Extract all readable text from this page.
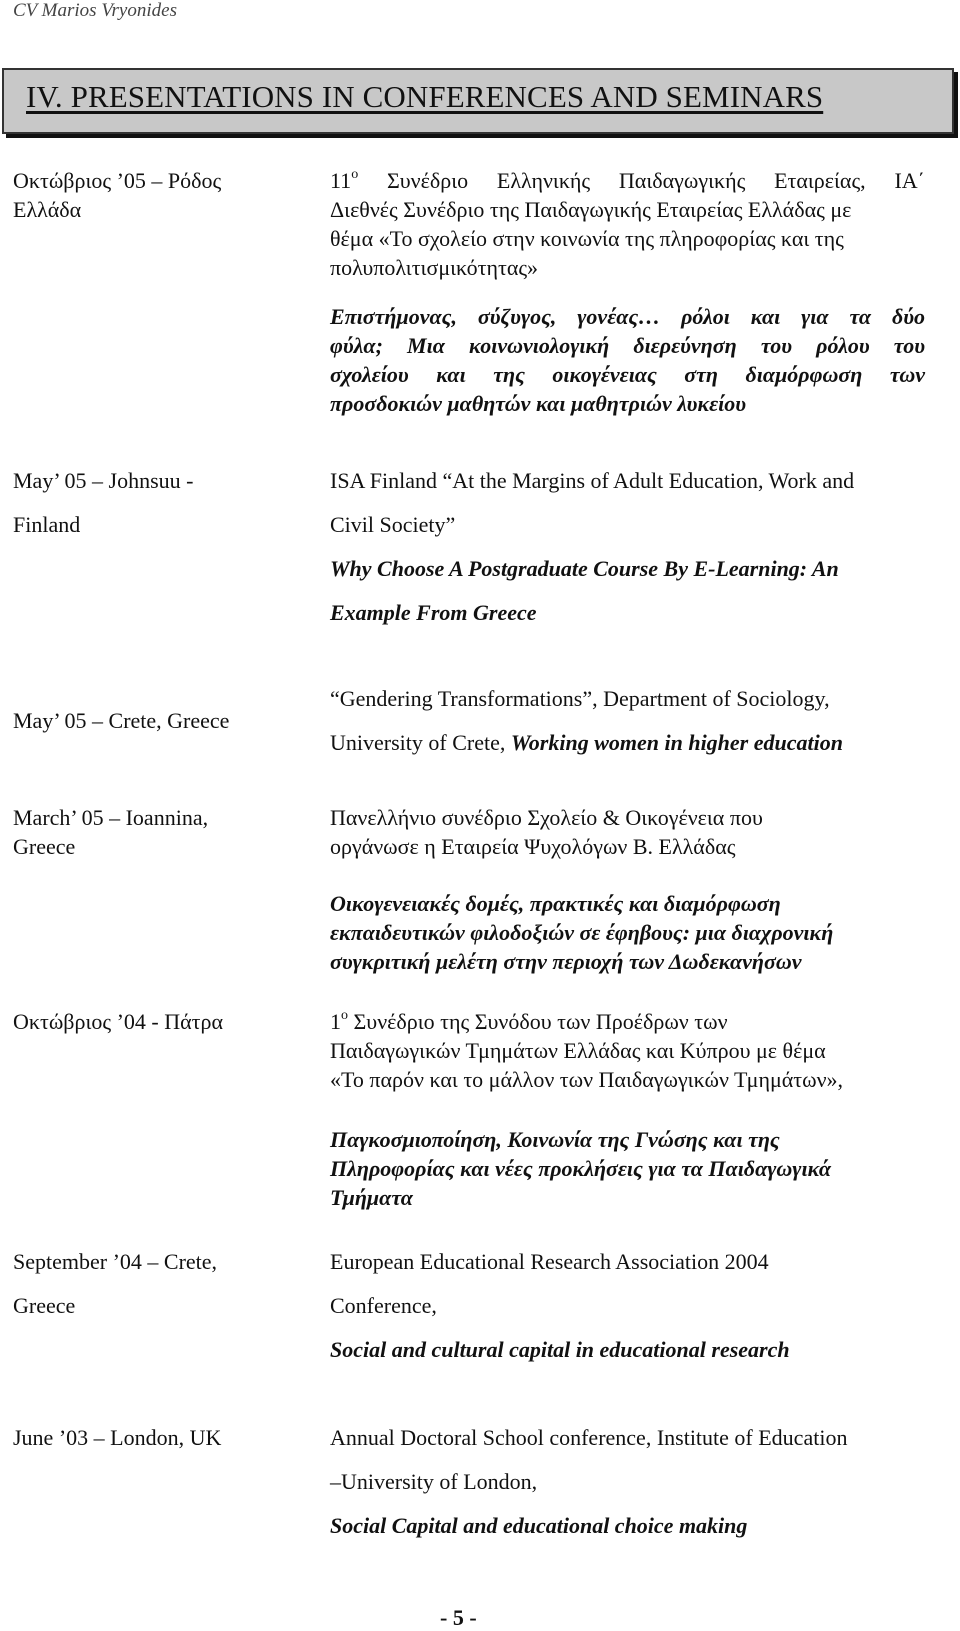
CV Marios Vryonides
IV. PRESENTATIONS IN CONFERENCES AND SEMINARS
Οκτώβριος ’05 – Ρόδος
Ελλάδα
$11^o$ Συνέδριο Ελληνικής Παιδαγωγικής Εταιρείας, ΙΑ΄
Διεθνές Συνέδριο της Παιδαγωγικής Εταιρείας Ελλάδας με
θέμα «Το σχολείο στην κοινωνία της πληροφορίας και της
πολυπολιτισμικότητας»
Επιστήμονας, σύζυγος, γονέας… ρόλοι και για τα δύο
φύλα; Μια κοινωνιολογική διερεύνηση του ρόλου του
σχολείου και της οικογένειας στη διαμόρφωση των
προσδοκιών μαθητών και μαθητριών λυκείου
May’ 05 – Johnsuu -
Finland
ISA Finland “At the Margins of Adult Education, Work and
Civil Society”
Why Choose A Postgraduate Course By E-Learning: An
Example From Greece
May’ 05 – Crete, Greece
“Gendering Transformations”, Department of Sociology,
University of Crete, Working women in higher education
March’ 05 – Ioannina,
Greece
Πανελλήνιο συνέδριο Σχολείο & Οικογένεια που
οργάνωσε η Εταιρεία Ψυχολόγων Β. Ελλάδας
Οικογενειακές δομές, πρακτικές και διαμόρφωση
εκπαιδευτικών φιλοδοξιών σε έφηβους: μια διαχρονική
συγκριτική μελέτη στην περιοχή των Δωδεκανήσων
Οκτώβριος ’04 - Πάτρα	$1^o$ Συνέδριο της Συνόδου των Προέδρων των
Παιδαγωγικών Τμημάτων Ελλάδας και Κύπρου με θέμα
«Το παρόν και το μάλλον των Παιδαγωγικών Τμημάτων»,
Παγκοσμιοποίηση, Κοινωνία της Γνώσης και της
Πληροφορίας και νέες προκλήσεις για τα Παιδαγωγικά
Τμήματα
September ’04 – Crete,
Greece
European Educational Research Association 2004
Conference,
Social and cultural capital in educational research
June ’03 – London, UK	Annual Doctoral School conference, Institute of Education
–University of London,
Social Capital and educational choice making
- 5 -
